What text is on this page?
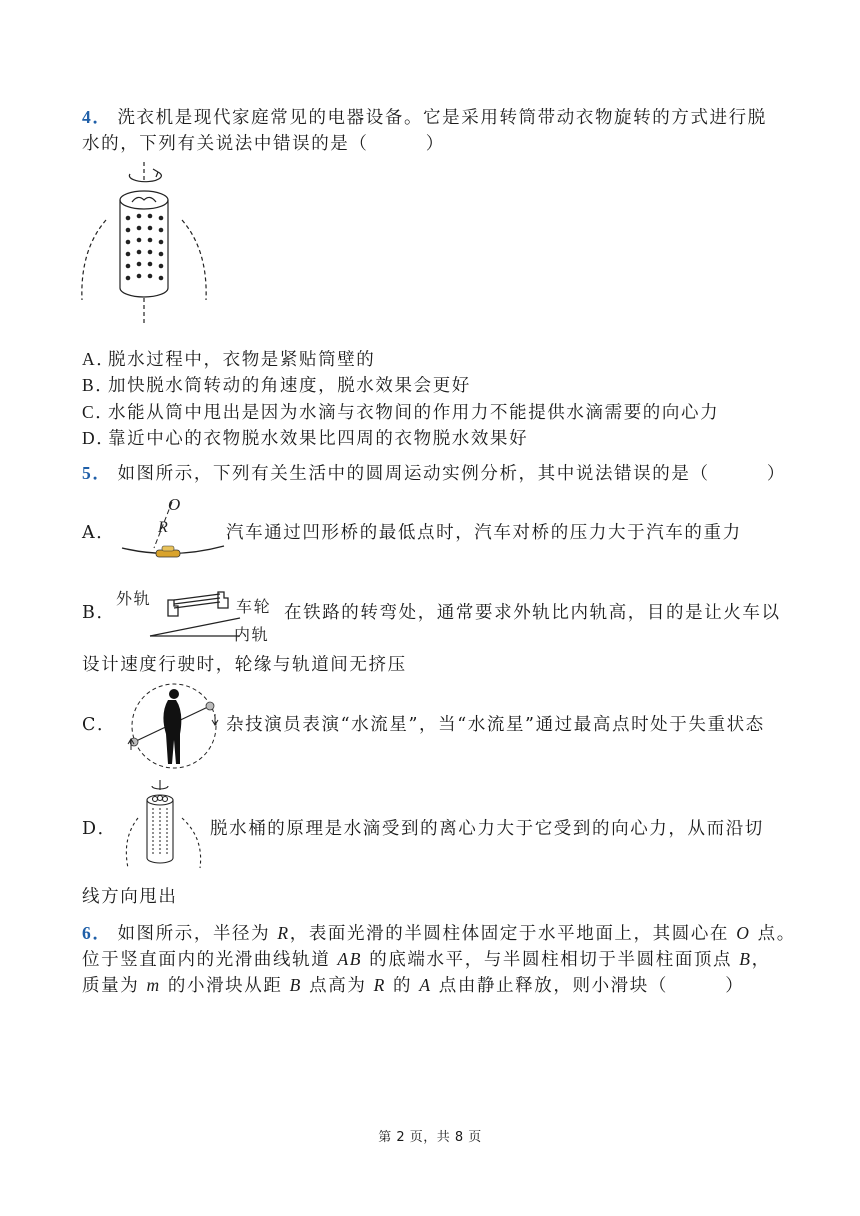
4． 洗衣机是现代家庭常见的电器设备。它是采用转筒带动衣物旋转的方式进行脱
水的，下列有关说法中错误的是（　　　）
A．脱水过程中，衣物是紧贴筒壁的
B．加快脱水筒转动的角速度，脱水效果会更好
C．水能从筒中甩出是因为水滴与衣物间的作用力不能提供水滴需要的向心力
D．靠近中心的衣物脱水效果比四周的衣物脱水效果好
5． 如图所示，下列有关生活中的圆周运动实例分析，其中说法错误的是（　　　）
A．
O
R	汽车通过凹形桥的最低点时，汽车对桥的压力大于汽车的重力
B．
外轨	车轮
内轨
在铁路的转弯处，通常要求外轨比内轨高，目的是让火车以
设计速度行驶时，轮缘与轨道间无挤压
C．	杂技演员表演“水流星”，当“水流星”通过最高点时处于失重状态
D．	脱水桶的原理是水滴受到的离心力大于它受到的向心力，从而沿切
线方向甩出
6． 如图所示，半径为 R，表面光滑的半圆柱体固定于水平地面上，其圆心在 O 点。
位于竖直面内的光滑曲线轨道 AB 的底端水平，与半圆柱相切于半圆柱面顶点 B，
质量为 m 的小滑块从距 B 点高为 R 的 A 点由静止释放，则小滑块（　　　）
第 2 页，共 8 页
